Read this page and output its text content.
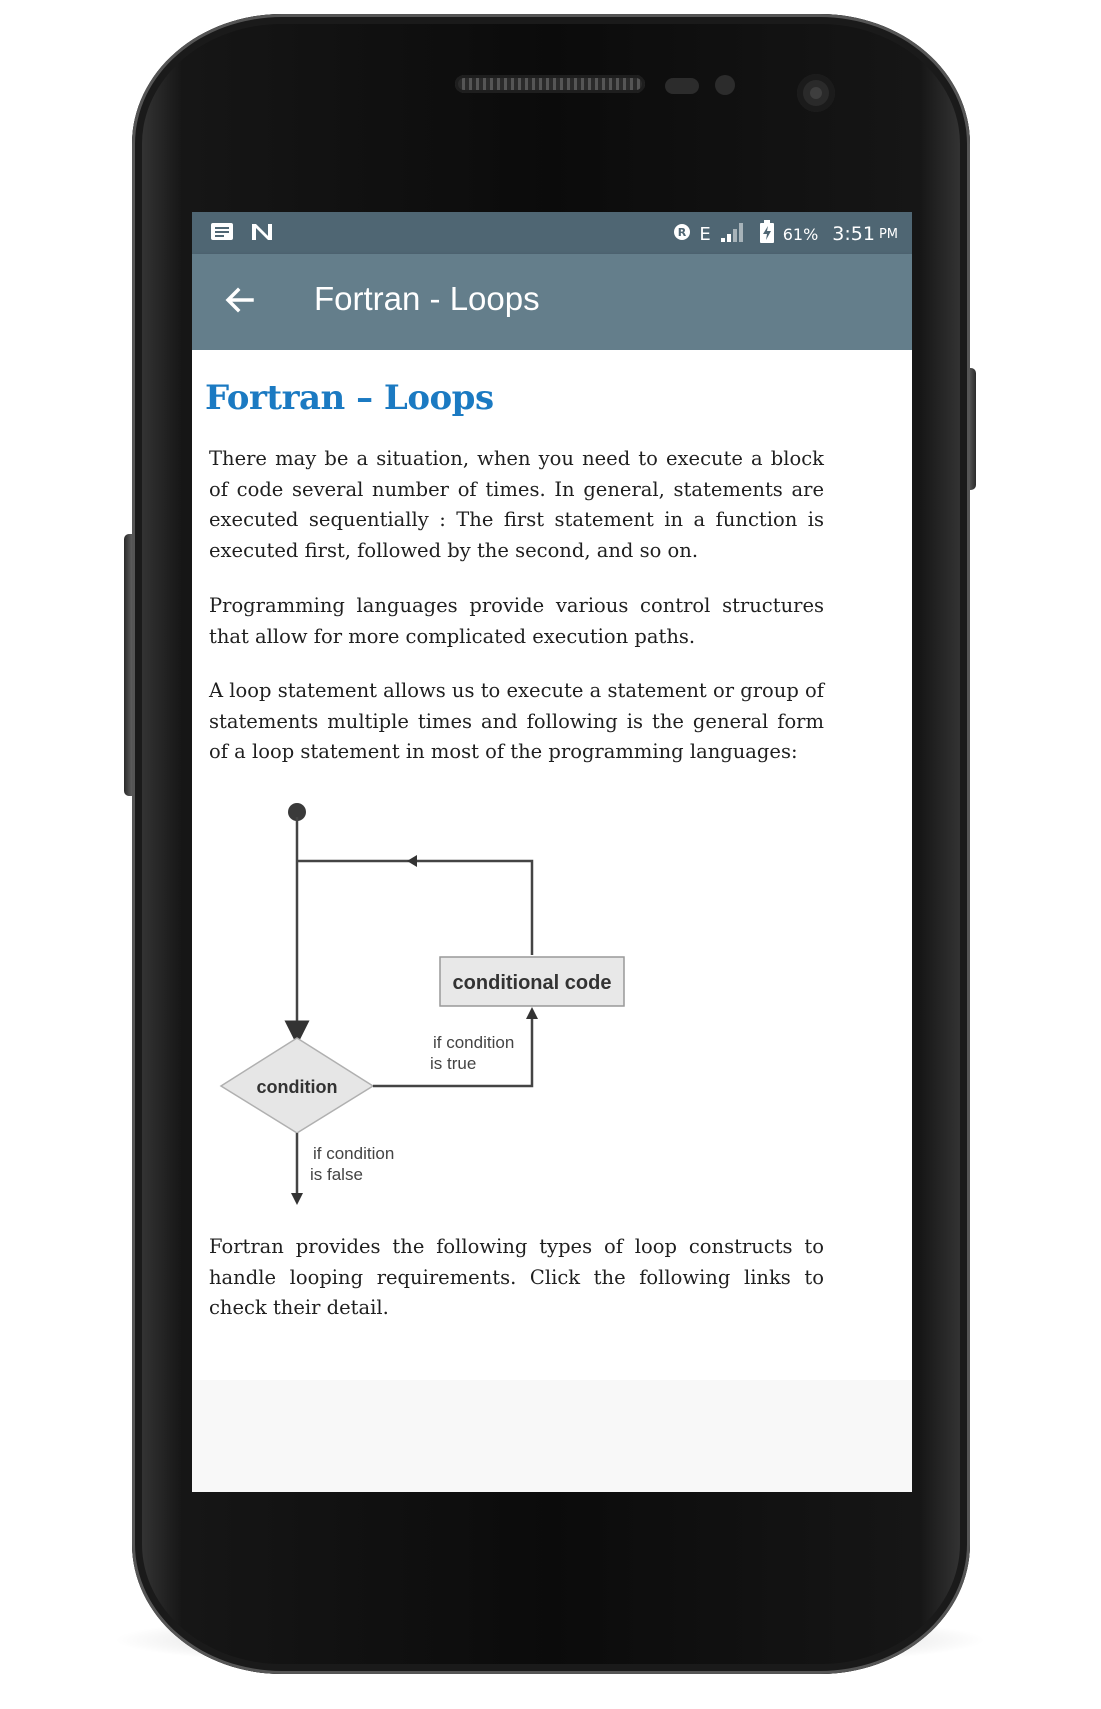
R E	61% 3:51 PM
Fortran - Loops
Fortran – Loops

There may be a situation, when you need to execute a block of code several number of times. In general, statements are executed sequentially : The first statement in a function is executed first, followed by the second, and so on.

Programming languages provide various control structures that allow for more complicated execution paths.

A loop statement allows us to execute a statement or group of statements multiple times and following is the general form of a loop statement in most of the programming languages:

conditional code
condition
if condition
is true
if condition
is false

Fortran provides the following types of loop constructs to handle looping requirements. Click the following links to check their detail.
